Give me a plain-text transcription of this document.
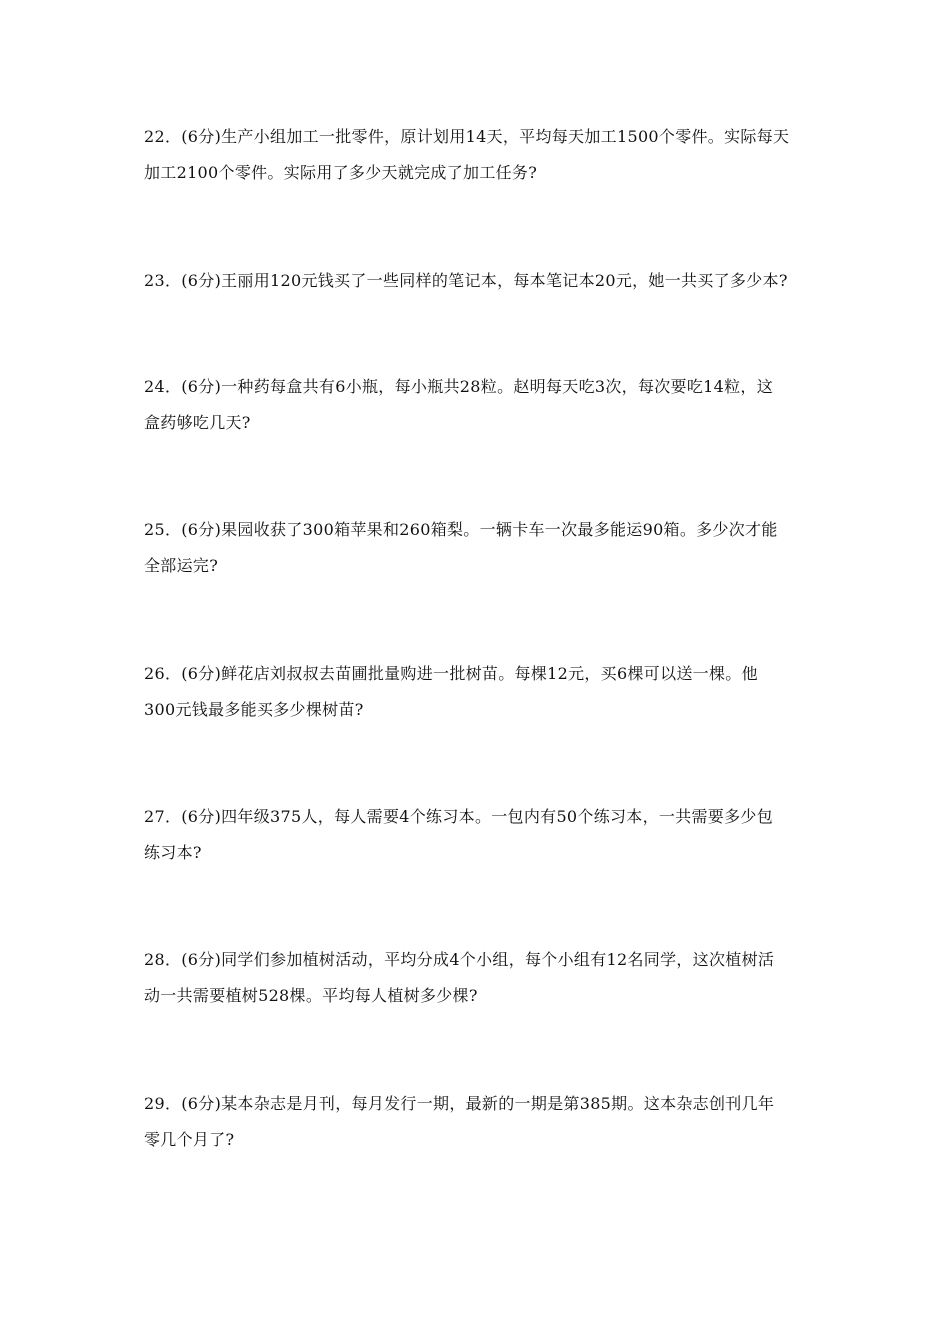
22．(6分)生产小组加工一批零件，原计划用14天，平均每天加工1500个零件。实际每天
加工2100个零件。实际用了多少天就完成了加工任务?
23．(6分)王丽用120元钱买了一些同样的笔记本，每本笔记本20元，她一共买了多少本?
24．(6分)一种药每盒共有6小瓶，每小瓶共28粒。赵明每天吃3次，每次要吃14粒，这
盒药够吃几天?
25．(6分)果园收获了300箱苹果和260箱梨。一辆卡车一次最多能运90箱。多少次才能
全部运完?
26．(6分)鲜花店刘叔叔去苗圃批量购进一批树苗。每棵12元，买6棵可以送一棵。他
300元钱最多能买多少棵树苗?
27．(6分)四年级375人，每人需要4个练习本。一包内有50个练习本，一共需要多少包
练习本?
28．(6分)同学们参加植树活动，平均分成4个小组，每个小组有12名同学，这次植树活
动一共需要植树528棵。平均每人植树多少棵?
29．(6分)某本杂志是月刊，每月发行一期，最新的一期是第385期。这本杂志创刊几年
零几个月了?
